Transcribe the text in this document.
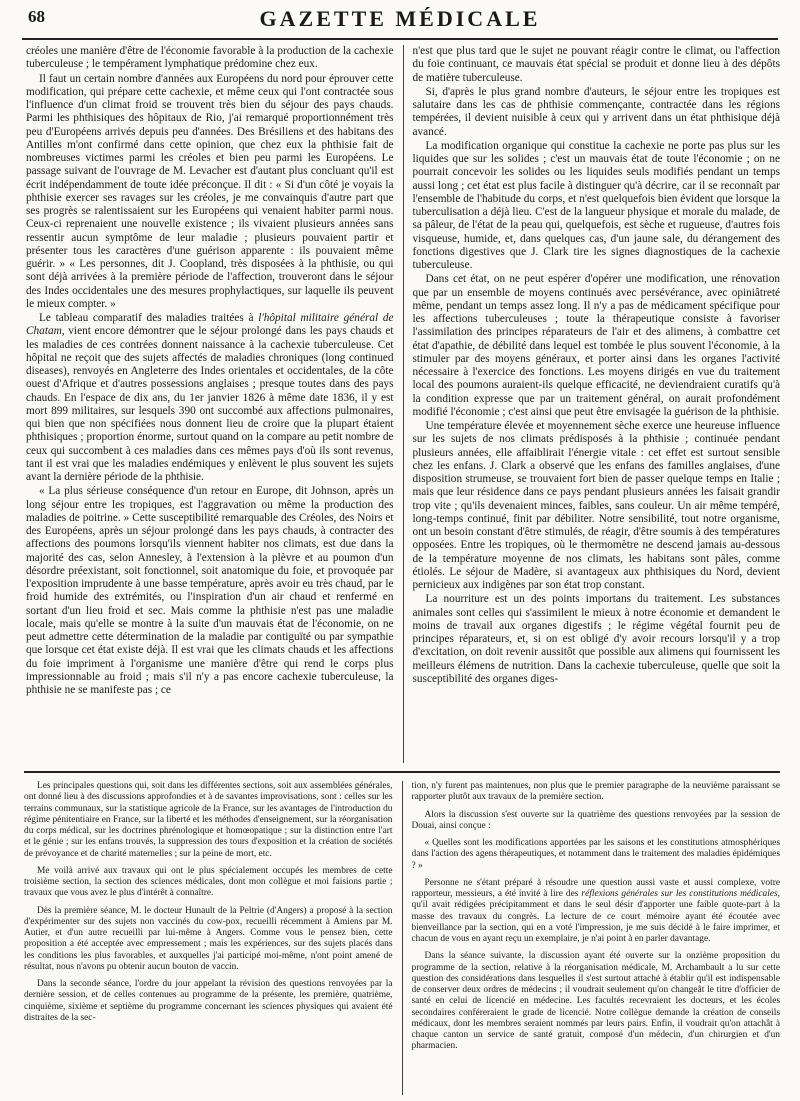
68	GAZETTE MÉDICALE

créoles une manière d'être de l'économie favorable à la production de la cachexie tuberculeuse ; le tempérament lymphatique prédomine chez eux.

Il faut un certain nombre d'années aux Européens du nord pour éprouver cette modification, qui prépare cette cachexie, et même ceux qui l'ont contractée sous l'influence d'un climat froid se trouvent très bien du séjour des pays chauds. Parmi les phthisiques des hôpitaux de Rio, j'ai remarqué proportionnément très peu d'Européens arrivés depuis peu d'années. Des Brésiliens et des habitans des Antilles m'ont confirmé dans cette opinion, que chez eux la phthisie fait de nombreuses victimes parmi les créoles et bien peu parmi les Européens. Le passage suivant de l'ouvrage de M. Levacher est d'autant plus concluant qu'il est écrit indépendamment de toute idée préconçue. Il dit : « Si d'un côté je voyais la phthisie exercer ses ravages sur les créoles, je me convainquis d'autre part que ses progrès se ralentissaient sur les Européens qui venaient habiter parmi nous. Ceux-ci reprenaient une nouvelle existence ; ils vivaient plusieurs années sans ressentir aucun symptôme de leur maladie ; plusieurs pouvaient partir et présenter tous les caractères d'une guérison apparente : ils pouvaient même guérir. » « Les personnes, dit J. Coopland, très disposées à la phthisie, ou qui sont déjà arrivées à la première période de l'affection, trouveront dans le séjour des Indes occidentales une des mesures prophylactiques, sur laquelle ils peuvent le mieux compter. »

Le tableau comparatif des maladies traitées à l'hôpital militaire général de Chatam, vient encore démontrer que le séjour prolongé dans les pays chauds et les maladies de ces contrées donnent naissance à la cachexie tuberculeuse. Cet hôpital ne reçoit que des sujets affectés de maladies chroniques (long continued diseases), renvoyés en Angleterre des Indes orientales et occidentales, de la côte ouest d'Afrique et d'autres possessions anglaises ; presque toutes dans des pays chauds. En l'espace de dix ans, du 1er janvier 1826 à même date 1836, il y est mort 899 militaires, sur lesquels 390 ont succombé aux affections pulmonaires, qui bien que non spécifiées nous donnent lieu de croire que la plupart étaient phthisiques ; proportion énorme, surtout quand on la compare au petit nombre de ceux qui succombent à ces maladies dans ces mêmes pays d'où ils sont revenus, tant il est vrai que les maladies endémiques y enlèvent le plus souvent les sujets avant la dernière période de la phthisie.

« La plus sérieuse conséquence d'un retour en Europe, dit Johnson, après un long séjour entre les tropiques, est l'aggravation ou même la production des maladies de poitrine. » Cette susceptibilité remarquable des Créoles, des Noirs et des Européens, après un séjour prolongé dans les pays chauds, à contracter des affections des poumons lorsqu'ils viennent habiter nos climats, est due dans la majorité des cas, selon Annesley, à l'extension à la plèvre et au poumon d'un désordre préexistant, soit fonctionnel, soit anatomique du foie, et provoquée par l'exposition imprudente à une basse température, après avoir eu très chaud, par le froid humide des extrémités, ou l'inspiration d'un air chaud et renfermé en sortant d'un lieu froid et sec. Mais comme la phthisie n'est pas une maladie locale, mais qu'elle se montre à la suite d'un mauvais état de l'économie, on ne peut admettre cette détermination de la maladie par contiguïté ou par sympathie que lorsque cet état existe déjà. Il est vrai que les climats chauds et les affections du foie impriment à l'organisme une manière d'être qui rend le corps plus impressionnable au froid ; mais s'il n'y a pas encore cachexie tuberculeuse, la phthisie ne se manifeste pas ; ce

n'est que plus tard que le sujet ne pouvant réagir contre le climat, ou l'affection du foie continuant, ce mauvais état spécial se produit et donne lieu à des dépôts de matière tuberculeuse.

Si, d'après le plus grand nombre d'auteurs, le séjour entre les tropiques est salutaire dans les cas de phthisie commençante, contractée dans les régions tempérées, il devient nuisible à ceux qui y arrivent dans un état phthisique déjà avancé.

La modification organique qui constitue la cachexie ne porte pas plus sur les liquides que sur les solides ; c'est un mauvais état de toute l'économie ; on ne pourrait concevoir les solides ou les liquides seuls modifiés pendant un temps aussi long ; cet état est plus facile à distinguer qu'à décrire, car il se reconnaît par l'ensemble de l'habitude du corps, et n'est quelquefois bien évident que lorsque la tuberculisation a déjà lieu. C'est de la langueur physique et morale du malade, de sa pâleur, de l'état de la peau qui, quelquefois, est sèche et rugueuse, d'autres fois visqueuse, humide, et, dans quelques cas, d'un jaune sale, du dérangement des fonctions digestives que J. Clark tire les signes diagnostiques de la cachexie tuberculeuse.

Dans cet état, on ne peut espérer d'opérer une modification, une rénovation que par un ensemble de moyens continués avec persévérance, avec opiniâtreté même, pendant un temps assez long. Il n'y a pas de médicament spécifique pour les affections tuberculeuses ; toute la thérapeutique consiste à favoriser l'assimilation des principes réparateurs de l'air et des alimens, à combattre cet état d'apathie, de débilité dans lequel est tombée le plus souvent l'économie, à la stimuler par des moyens généraux, et porter ainsi dans les organes l'activité nécessaire à l'exercice des fonctions. Les moyens dirigés en vue du traitement local des poumons auraient-ils quelque efficacité, ne deviendraient curatifs qu'à la condition expresse que par un traitement général, on aurait profondément modifié l'économie ; c'est ainsi que peut être envisagée la guérison de la phthisie.

Une température élevée et moyennement sèche exerce une heureuse influence sur les sujets de nos climats prédisposés à la phthisie ; continuée pendant plusieurs années, elle affaiblirait l'énergie vitale : cet effet est surtout sensible chez les enfans. J. Clark a observé que les enfans des familles anglaises, d'une disposition strumeuse, se trouvaient fort bien de passer quelque temps en Italie ; mais que leur résidence dans ce pays pendant plusieurs années les faisait grandir trop vite ; qu'ils devenaient minces, faibles, sans couleur. Un air même tempéré, long-temps continué, finit par débiliter. Notre sensibilité, tout notre organisme, ont un besoin constant d'être stimulés, de réagir, d'être soumis à des températures opposées. Entre les tropiques, où le thermomètre ne descend jamais au-dessous de la température moyenne de nos climats, les habitans sont pâles, comme étiolés. Le séjour de Madère, si avantageux aux phthisiques du Nord, devient pernicieux aux indigènes par son état trop constant.

La nourriture est un des points importans du traitement. Les substances animales sont celles qui s'assimilent le mieux à notre économie et demandent le moins de travail aux organes digestifs ; le régime végétal fournit peu de principes réparateurs, et, si on est obligé d'y avoir recours lorsqu'il y a trop d'excitation, on doit revenir aussitôt que possible aux alimens qui fournissent les meilleurs élémens de nutrition. Dans la cachexie tuberculeuse, quelle que soit la susceptibilité des organes diges-

Les principales questions qui, soit dans les différentes sections, soit aux assemblées générales, ont donné lieu à des discussions approfondies et à de savantes improvisations, sont : celles sur les terrains communaux, sur la statistique agricole de la France, sur les avantages de l'introduction du régime pénitentiaire en France, sur la liberté et les méthodes d'enseignement, sur la réorganisation du corps médical, sur les doctrines phrénologique et homœopatique ; sur la distinction entre l'art et le génie ; sur les enfans trouvés, la suppression des tours d'exposition et la création de sociétés de prévoyance et de charité maternelles ; sur la peine de mort, etc.

Me voilà arrivé aux travaux qui ont le plus spécialement occupés les membres de cette troisième section, la section des sciences médicales, dont mon collègue et moi faisions partie ; travaux que vous avez le plus d'intérêt à connaître.

Dès la première séance, M. le docteur Hunault de la Peltrie (d'Angers) a proposé à la section d'expérimenter sur des sujets non vaccinés du cow-pox, recueilli récemment à Amiens par M. Autier, et d'un autre recueilli par lui-même à Angers. Comme vous le pensez bien, cette proposition a été acceptée avec empressement ; mais les expériences, sur des sujets placés dans les conditions les plus favorables, et auxquelles j'ai participé moi-même, n'ont point amené de résultat, nous n'avons pu obtenir aucun bouton de vaccin.

Dans la seconde séance, l'ordre du jour appelant la révision des questions renvoyées par la dernière session, et de celles contenues au programme de la présente, les première, quatrième, cinquième, sixième et septième du programme concernant les sciences physiques qui avaient été distraites de la sec-

tion, n'y furent pas maintenues, non plus que le premier paragraphe de la neuvième paraissant se rapporter plutôt aux travaux de la première section.

Alors la discussion s'est ouverte sur la quatrième des questions renvoyées par la session de Douai, ainsi conçue :

« Quelles sont les modifications apportées par les saisons et les constitutions atmosphériques dans l'action des agens thérapeutiques, et notamment dans le traitement des maladies épidémiques ? »

Personne ne s'étant préparé à résoudre une question aussi vaste et aussi complexe, votre rapporteur, messieurs, a été invité à lire des réflexions générales sur les constitutions médicales, qu'il avait rédigées précipitamment et dans le seul désir d'apporter une faible quote-part à la masse des travaux du congrès. La lecture de ce court mémoire ayant été écoutée avec bienveillance par la section, qui en a voté l'impression, je me suis décidé à le faire imprimer, et chacun de vous en ayant reçu un exemplaire, je n'ai point à en parler davantage.

Dans la séance suivante, la discussion ayant été ouverte sur la onzième proposition du programme de la section, relative à la réorganisation médicale, M. Archambault a lu sur cette question des considérations dans lesquelles il s'est surtout attaché à établir qu'il est indispensable de conserver deux ordres de médecins ; il voudrait seulement qu'on changeât le titre d'officier de santé en celui de licencié en médecine. Les facultés recevraient les docteurs, et les écoles secondaires conféreraient le grade de licencié. Notre collègue demande la création de conseils médicaux, dont les membres seraient nommés par leurs pairs. Enfin, il voudrait qu'on attachât à chaque canton un service de santé gratuit, composé d'un médecin, d'un chirurgien et d'un pharmacien.
